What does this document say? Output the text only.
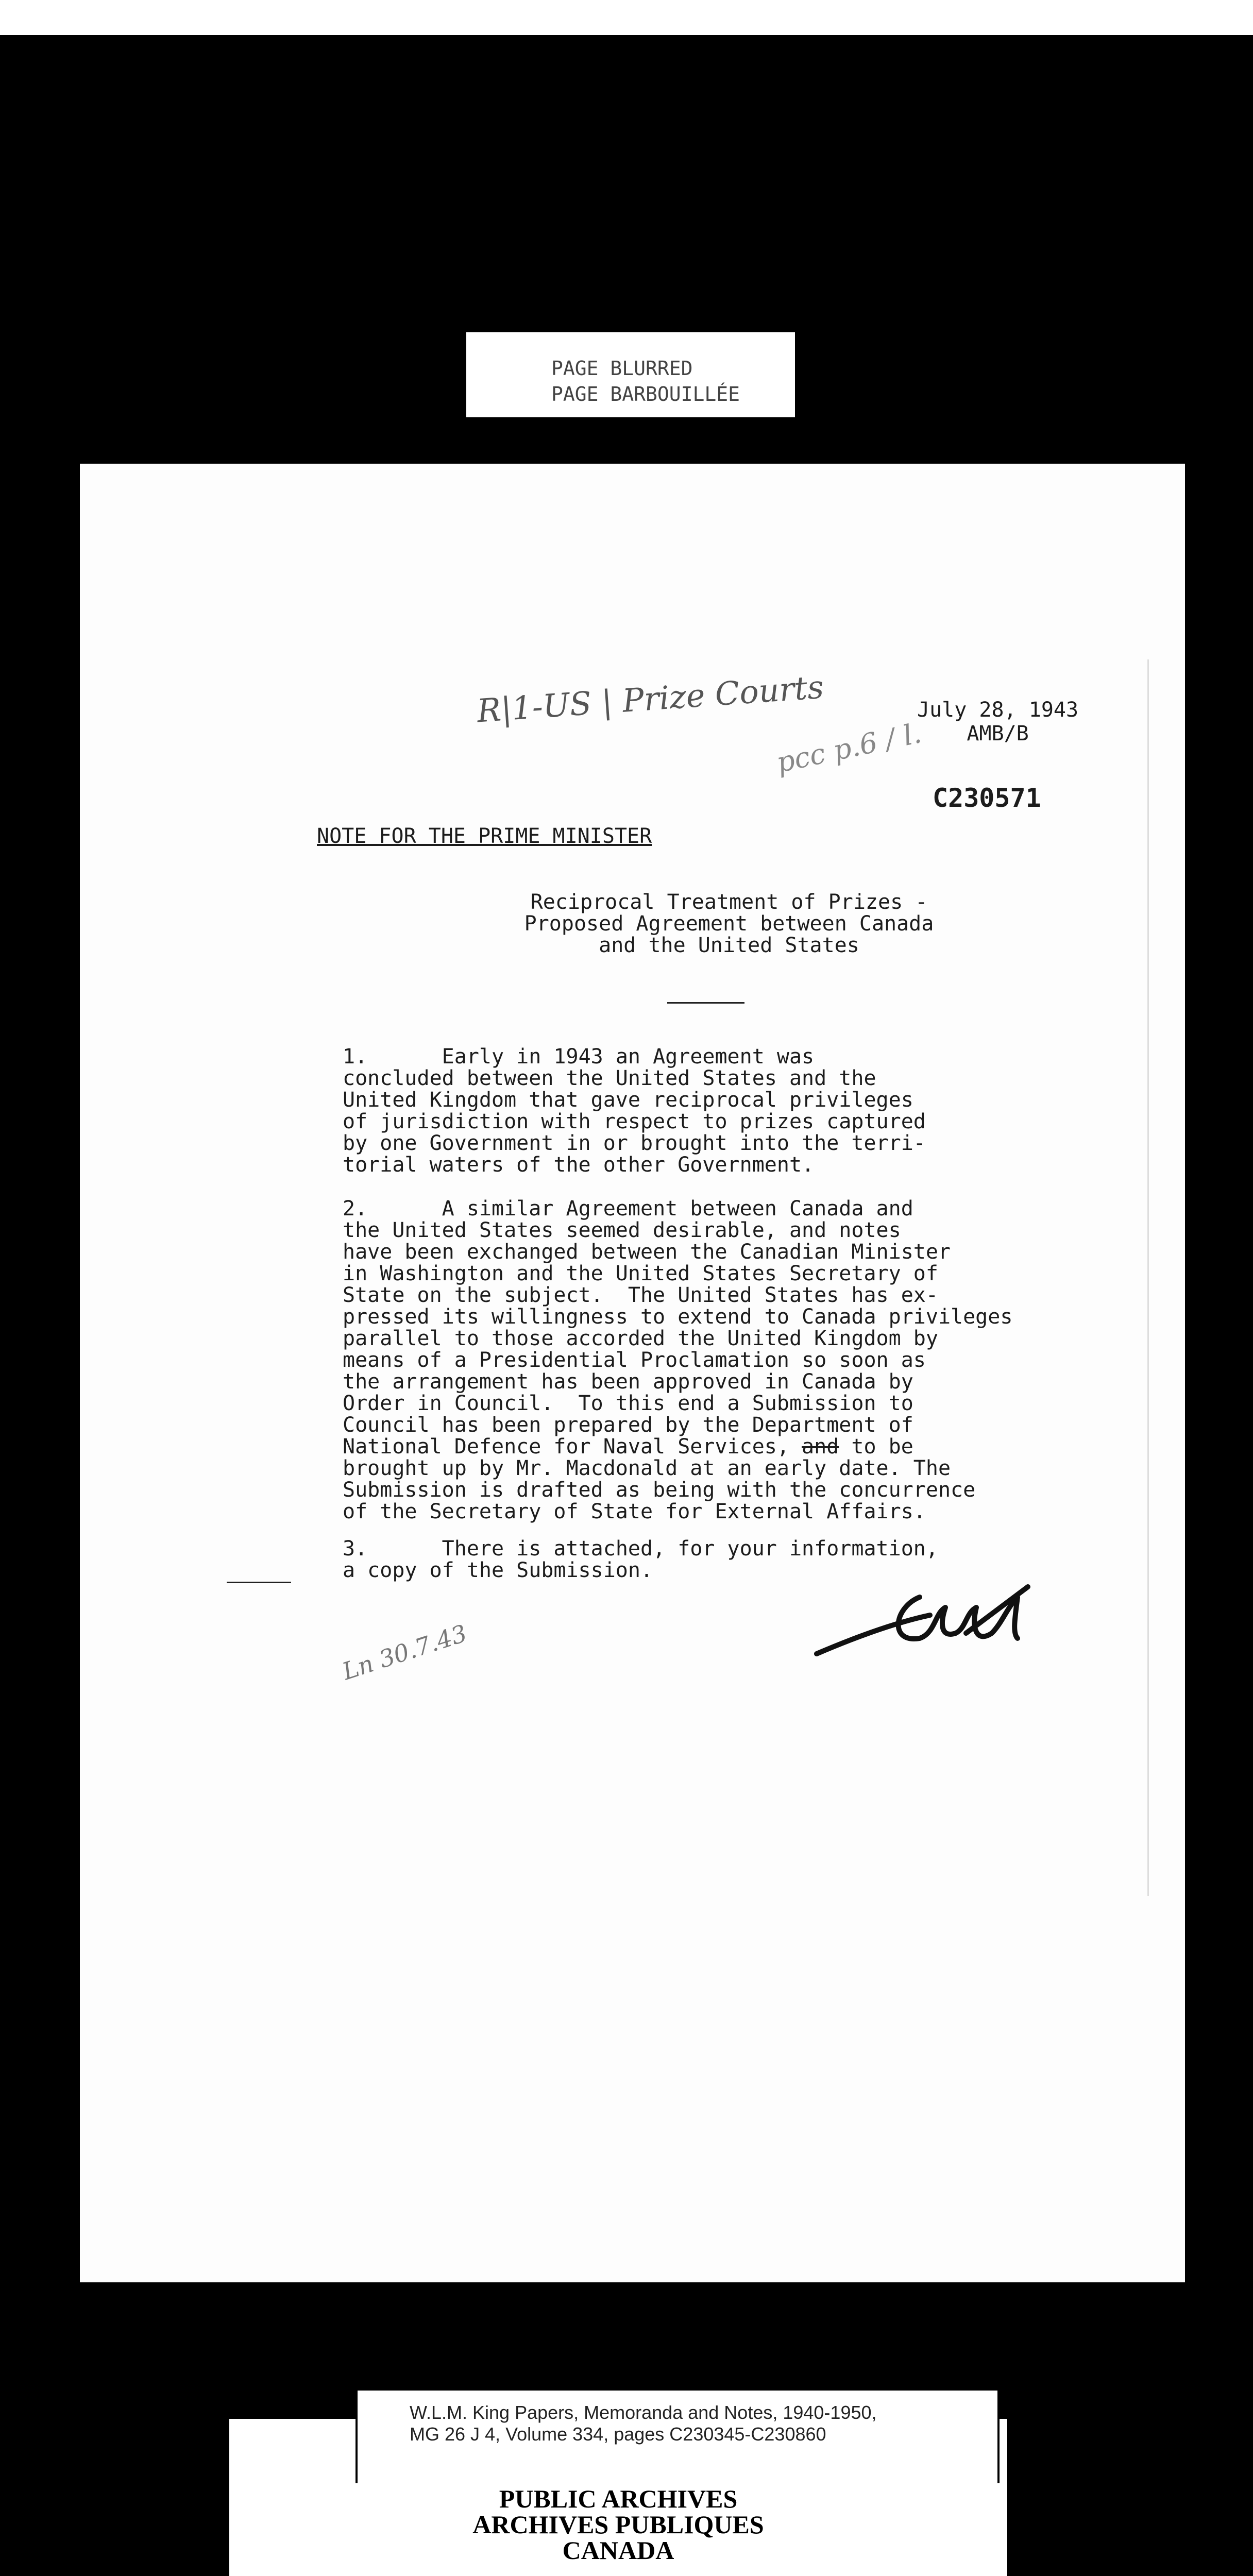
PAGE BLURRED
PAGE BARBOUILLÉE
R|1-US | Prize Courts
pcc p.6 / l.
July 28, 1943
AMB/B
C230571
NOTE FOR THE PRIME MINISTER
Reciprocal Treatment of Prizes -
Proposed Agreement between Canada
and the United States
1.	Early in 1943 an Agreement was
concluded between the United States and the
United Kingdom that gave reciprocal privileges
of jurisdiction with respect to prizes captured
by one Government in or brought into the terri-
torial waters of the other Government.
2.	A similar Agreement between Canada and
the United States seemed desirable, and notes
have been exchanged between the Canadian Minister
in Washington and the United States Secretary of
State on the subject.  The United States has ex-
pressed its willingness to extend to Canada privileges
parallel to those accorded the United Kingdom by
means of a Presidential Proclamation so soon as
the arrangement has been approved in Canada by
Order in Council.  To this end a Submission to
Council has been prepared by the Department of
National Defence for Naval Services, and to be
brought up by Mr. Macdonald at an early date. The
Submission is drafted as being with the concurrence
of the Secretary of State for External Affairs.
3.	There is attached, for your information,
a copy of the Submission.
Ln 30.7.43
W.L.M. King Papers, Memoranda and Notes, 1940-1950,
MG 26 J 4, Volume 334, pages C230345-C230860
PUBLIC ARCHIVES
ARCHIVES PUBLIQUES
CANADA
